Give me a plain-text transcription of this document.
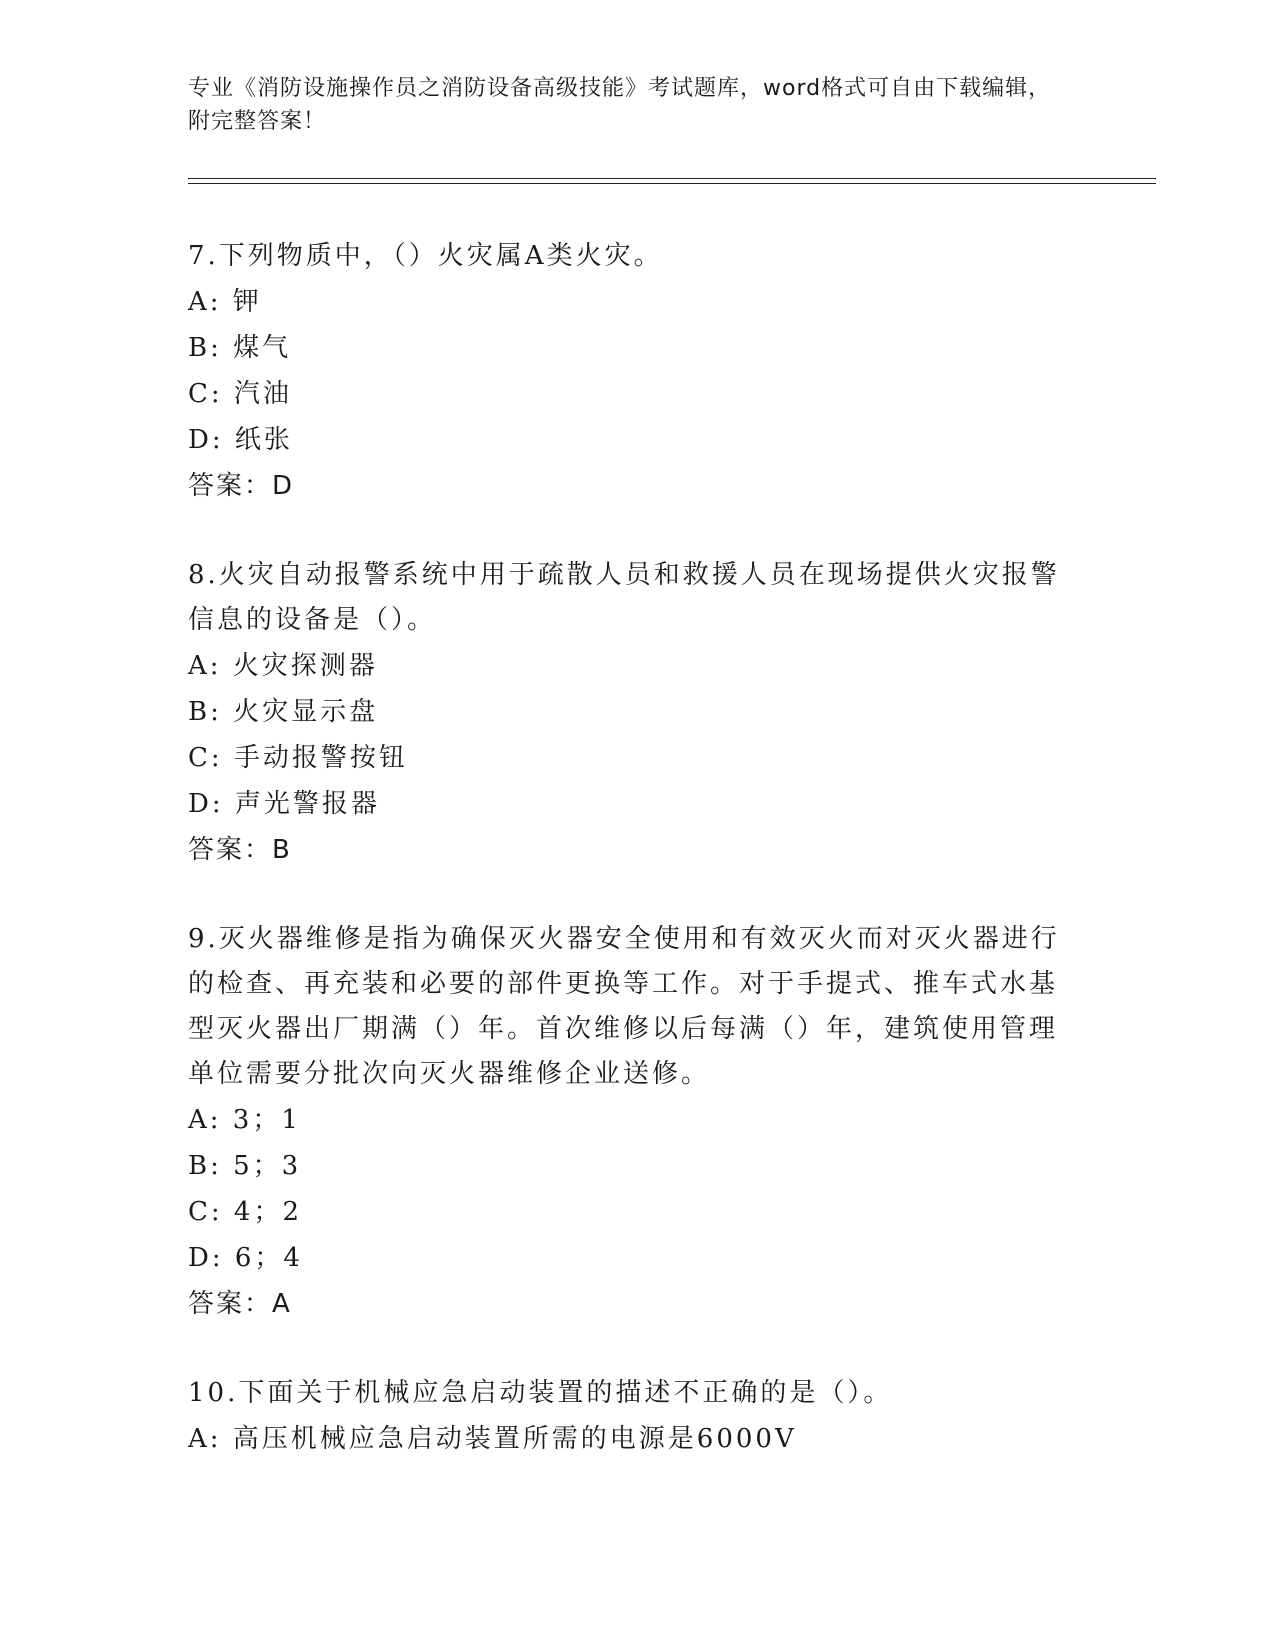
专业《消防设施操作员之消防设备高级技能》考试题库，word格式可自由下载编辑，附完整答案！
7.下列物质中，（）火灾属A类火灾。
A: 钾
B: 煤气
C: 汽油
D: 纸张
答案：D
8.火灾自动报警系统中用于疏散人员和救援人员在现场提供火灾报警信息的设备是（）。
A: 火灾探测器
B: 火灾显示盘
C: 手动报警按钮
D: 声光警报器
答案：B
9.灭火器维修是指为确保灭火器安全使用和有效灭火而对灭火器进行的检查、再充装和必要的部件更换等工作。对于手提式、推车式水基型灭火器出厂期满（）年。首次维修以后每满（）年，建筑使用管理单位需要分批次向灭火器维修企业送修。
A: 3；1
B: 5；3
C: 4；2
D: 6；4
答案：A
10.下面关于机械应急启动装置的描述不正确的是（）。
A: 高压机械应急启动装置所需的电源是6000V
